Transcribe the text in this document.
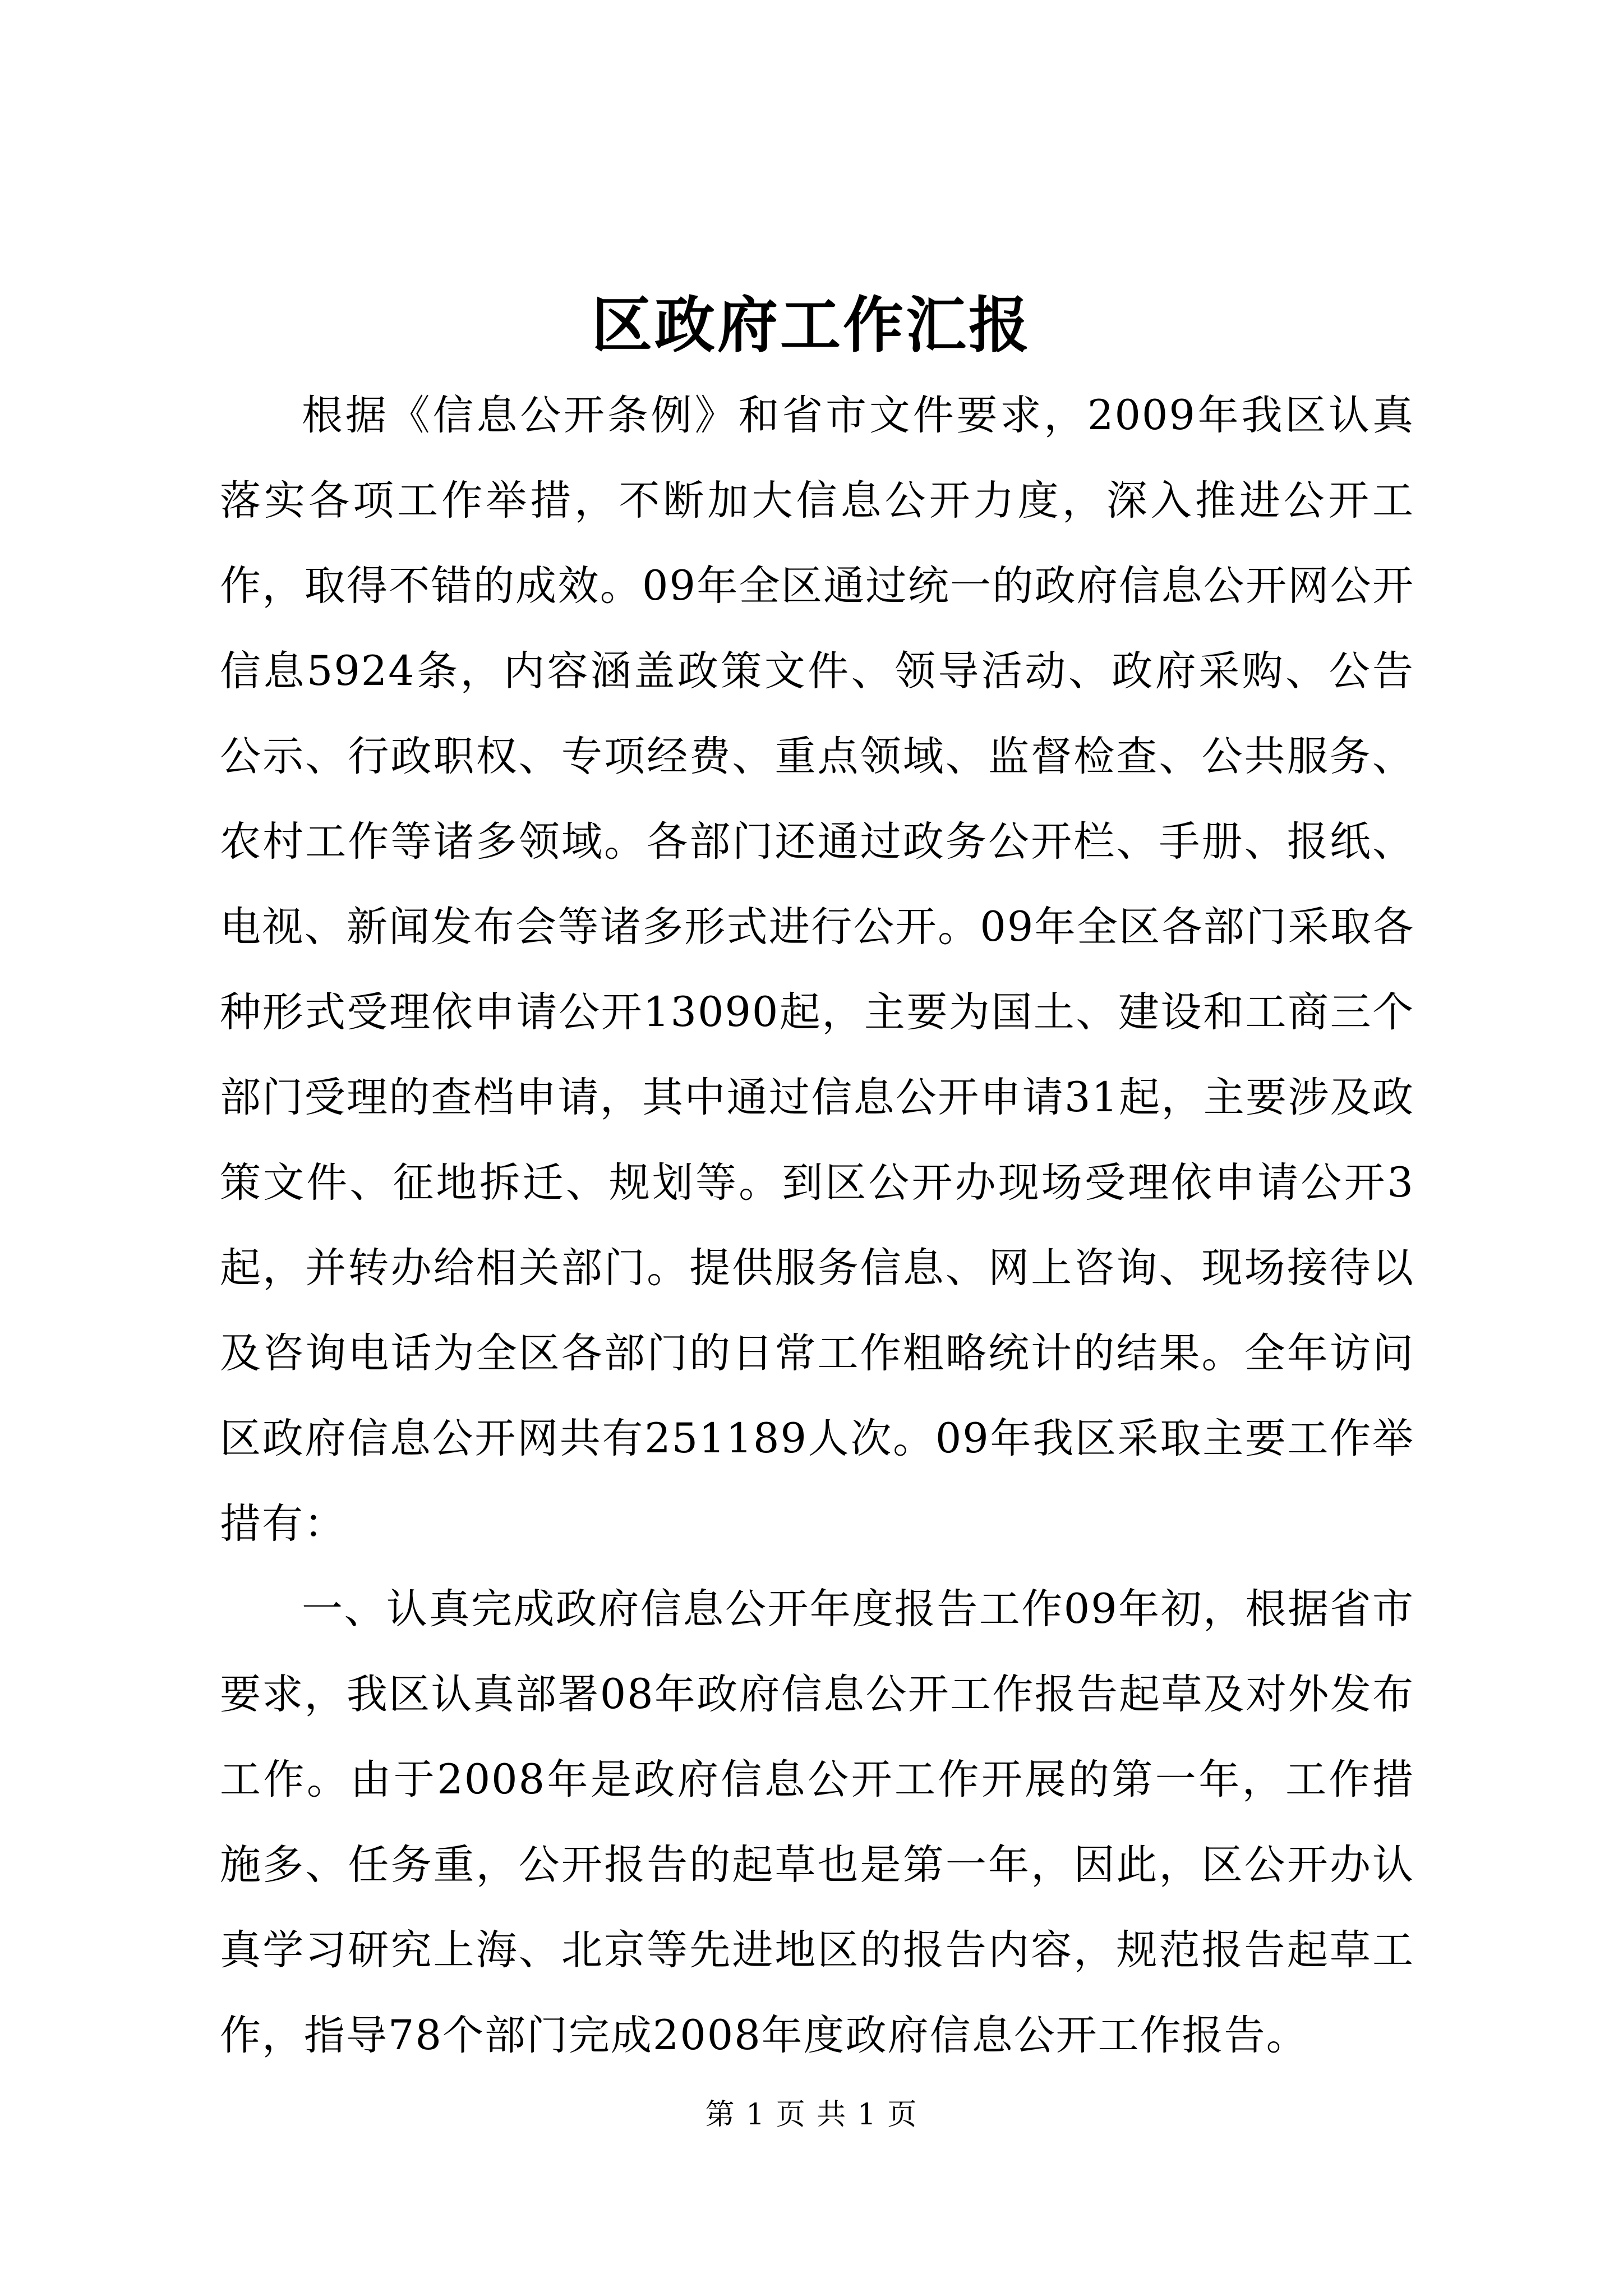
区政府工作汇报

根据《信息公开条例》和省市文件要求，2009年我区认真落实各项工作举措，不断加大信息公开力度，深入推进公开工作，取得不错的成效。09年全区通过统一的政府信息公开网公开信息5924条，内容涵盖政策文件、领导活动、政府采购、公告公示、行政职权、专项经费、重点领域、监督检查、公共服务、农村工作等诸多领域。各部门还通过政务公开栏、手册、报纸、电视、新闻发布会等诸多形式进行公开。09年全区各部门采取各种形式受理依申请公开13090起，主要为国土、建设和工商三个部门受理的查档申请，其中通过信息公开申请31起，主要涉及政策文件、征地拆迁、规划等。到区公开办现场受理依申请公开3起，并转办给相关部门。提供服务信息、网上咨询、现场接待以及咨询电话为全区各部门的日常工作粗略统计的结果。全年访问区政府信息公开网共有251189人次。09年我区采取主要工作举措有：

一、认真完成政府信息公开年度报告工作09年初，根据省市要求，我区认真部署08年政府信息公开工作报告起草及对外发布工作。由于2008年是政府信息公开工作开展的第一年，工作措施多、任务重，公开报告的起草也是第一年，因此，区公开办认真学习研究上海、北京等先进地区的报告内容，规范报告起草工作，指导78个部门完成2008年度政府信息公开工作报告。

第 1 页 共 1 页
